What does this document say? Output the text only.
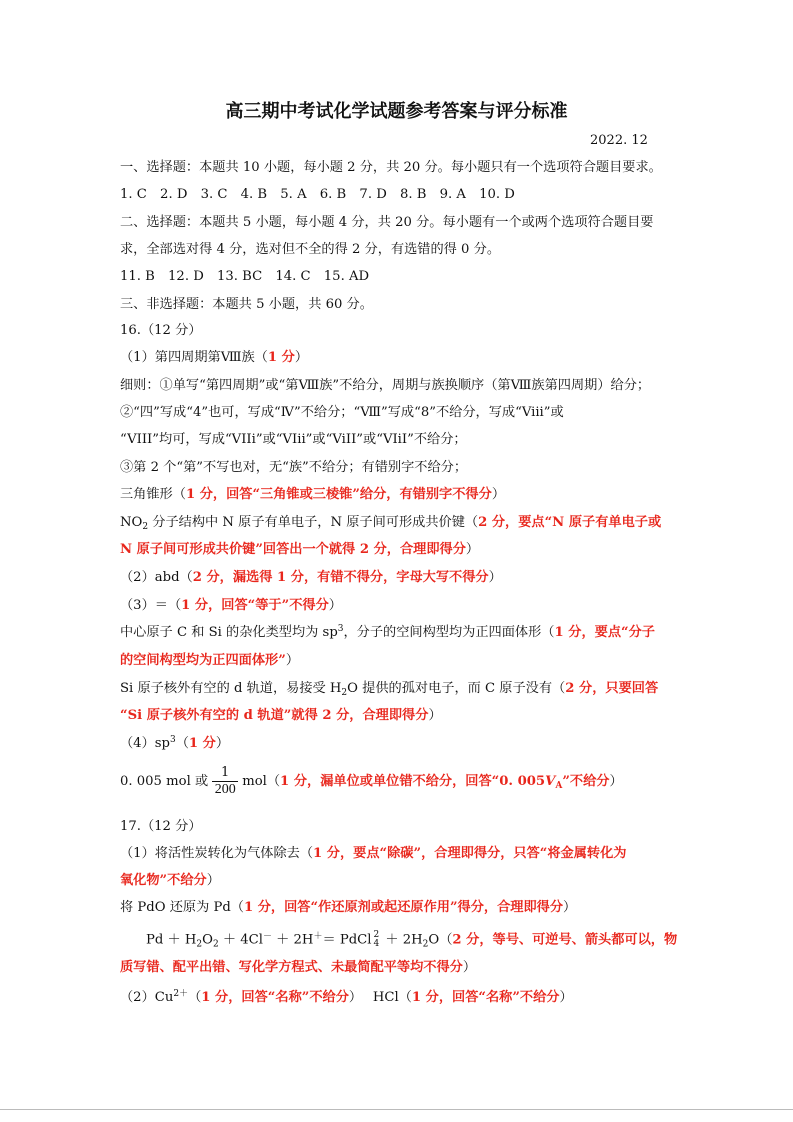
高三期中考试化学试题参考答案与评分标准
2022. 12
一、选择题：本题共 10 小题，每小题 2 分，共 20 分。每小题只有一个选项符合题目要求。
1. C　2. D　3. C　4. B　5. A　6. B　7. D　8. B　9. A　10. D
二、选择题：本题共 5 小题，每小题 4 分，共 20 分。每小题有一个或两个选项符合题目要
求，全部选对得 4 分，选对但不全的得 2 分，有选错的得 0 分。
11. B　12. D　13. BC　14. C　15. AD
三、非选择题：本题共 5 小题，共 60 分。
16.（12 分）
（1）第四周期第Ⅷ族（1 分）
细则：①单写“第四周期”或“第Ⅷ族”不给分，周期与族换顺序（第Ⅷ族第四周期）给分；
②“四”写成“4”也可，写成“Ⅳ”不给分；“Ⅷ”写成“8”不给分，写成“Viii”或
“VIII”均可，写成“VIIi”或“VIii”或“ViII”或“VIiI”不给分；
③第 2 个“第”不写也对，无“族”不给分；有错别字不给分；
三角锥形（1 分，回答“三角锥或三棱锥”给分，有错别字不得分）
$NO_2$ 分子结构中 N 原子有单电子，N 原子间可形成共价键（2 分，要点“N 原子有单电子或
N 原子间可形成共价键”回答出一个就得 2 分，合理即得分）
（2）abd（2 分，漏选得 1 分，有错不得分，字母大写不得分）
（3）＝（1 分，回答“等于”不得分）
中心原子 C 和 Si 的杂化类型均为 $sp^3$，分子的空间构型均为正四面体形（1 分，要点“分子
的空间构型均为正四面体形”）
Si 原子核外有空的 d 轨道，易接受 $H_2O$ 提供的孤对电子，而 C 原子没有（2 分，只要回答
“Si 原子核外有空的 d 轨道”就得 2 分，合理即得分）
$(4)sp^3(1$ 分）
0. 005 mol 或 $\frac{1}{200} mol(1$ 分，漏单位或单位错不给分，回答“0. $005V_A$”不给分）
17.（12 分）
（1）将活性炭转化为气体除去（1 分，要点“除碳”，合理即得分，只答“将金属转化为
氧化物”不给分）
将 PdO 还原为 Pd（1 分，回答“作还原剂或起还原作用”得分，合理即得分）
$Pd + H_2O_2 + 4Cl^- + 2H^+=$ PdCl 2
$4 + 2H_2O(2$ 分，等号、可逆号、箭头都可以，物
质写错、配平出错、写化学方程式、未最简配平等均不得分）
$(2)Cu^{2+}(1$ 分，回答“名称”不给分）　 HCl（1 分，回答“名称”不给分）
